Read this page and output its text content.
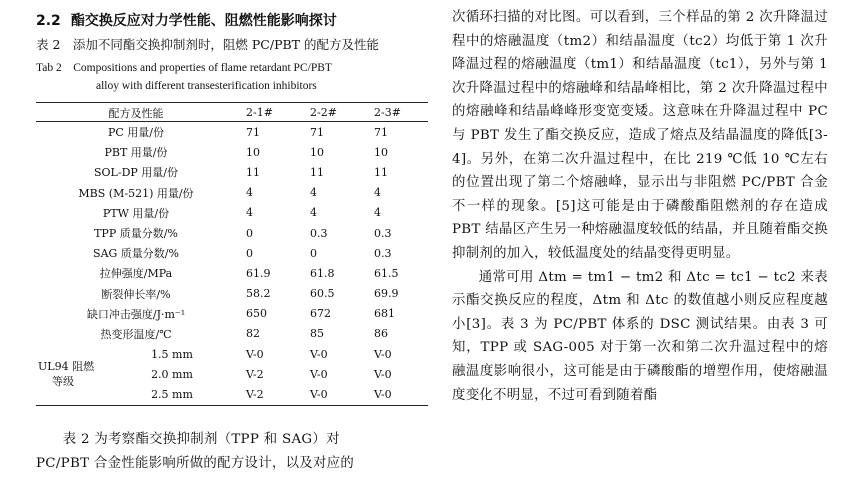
2.2 酯交换反应对力学性能、阻燃性能影响探讨
表 2　添加不同酯交换抑制剂时，阻燃 PC/PBT 的配方及性能
Tab 2　Compositions and properties of flame retardant PC/PBT
alloy with different transesterification inhibitors
配方及性能		2-1#	2-2#	2-3#
PC 用量/份		71	71	71
PBT 用量/份		10	10	10
SOL-DP 用量/份		11	11	11
MBS (M-521) 用量/份		4	4	4
PTW 用量/份		4	4	4
TPP 质量分数/%		0	0.3	0.3
SAG 质量分数/%		0	0	0.3
拉伸强度/MPa		61.9	61.8	61.5
断裂伸长率/%		58.2	60.5	69.9
缺口冲击强度/J·m⁻¹		650	672	681
热变形温度/℃		82	85	86

UL94 阻燃
等级	1.5 mm	V-0	V-0	V-0
	2.0 mm	V-2	V-0	V-0
	2.5 mm	V-2	V-0	V-0
表 2 为考察酯交换抑制剂（TPP 和 SAG）对
PC/PBT 合金性能影响所做的配方设计，以及对应的

次循环扫描的对比图。可以看到，三个样品的第 2 次升降温过程中的熔融温度（tm2）和结晶温度（tc2）均低于第 1 次升降温过程的熔融温度（tm1）和结晶温度（tc1），另外与第 1 次升降温过程中的熔融峰和结晶峰相比，第 2 次升降温过程中的熔融峰和结晶峰峰形变宽变矮。这意味在升降温过程中 PC 与 PBT 发生了酯交换反应，造成了熔点及结晶温度的降低[3-4]。另外，在第二次升温过程中，在比 219 ℃低 10 ℃左右的位置出现了第二个熔融峰，显示出与非阻燃 PC/PBT 合金不一样的现象。[5]这可能是由于磷酸酯阻燃剂的存在造成 PBT 结晶区产生另一种熔融温度较低的结晶，并且随着酯交换抑制剂的加入，较低温度处的结晶变得更明显。

通常可用 Δtm = tm1 − tm2 和 Δtc = tc1 − tc2 来表示酯交换反应的程度，Δtm 和 Δtc 的数值越小则反应程度越小[3]。表 3 为 PC/PBT 体系的 DSC 测试结果。由表 3 可知，TPP 或 SAG-005 对于第一次和第二次升温过程中的熔融温度影响很小，这可能是由于磷酸酯的增塑作用，使熔融温度变化不明显，不过可看到随着酯
